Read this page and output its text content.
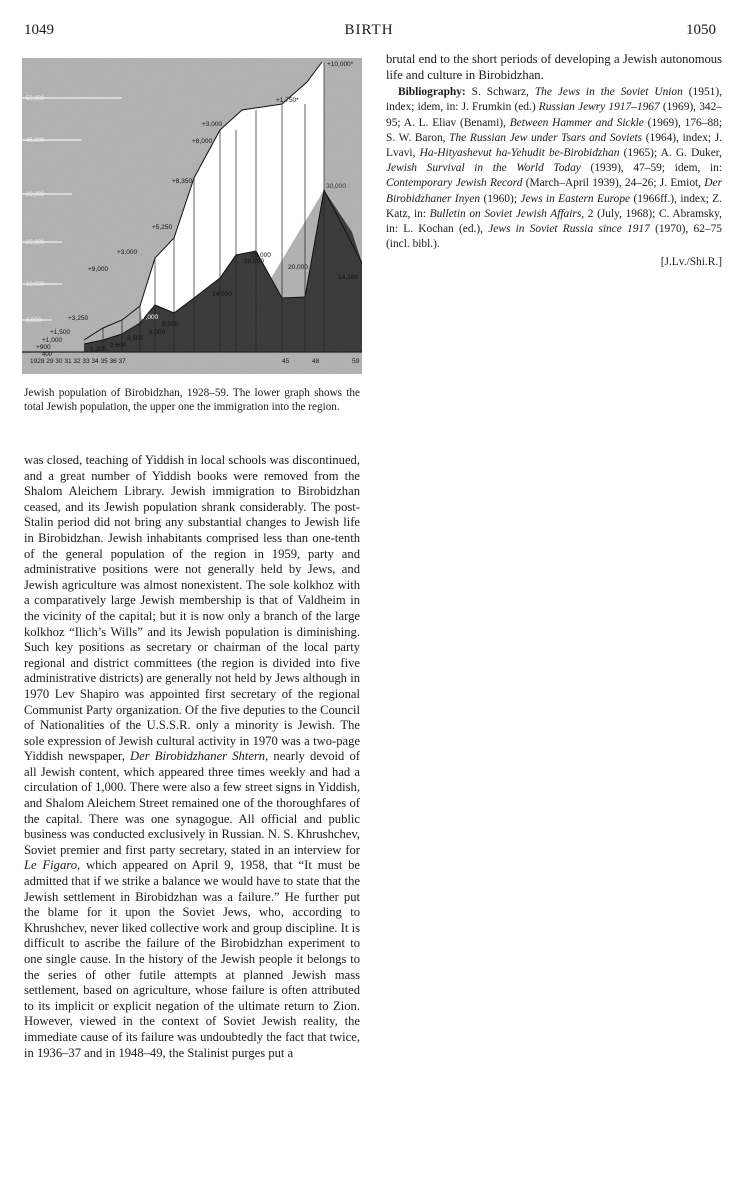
1049	BIRTH	1050
50,000
45,000
30,000
20,000
10,000
6,000
+10,000*
+1,750*
+3,000
+8,000
+8,350
+5,250
+3,000
+9,000
+3,250
+1,500
+1,000
+900
400
7,000
8,500
6,000
3,500
2,600
1,200
14,000
18,000
19,000
20,000
30,000
14,269
1928 29 30 31 32 33 34 35 36 37	45	48	59
Jewish population of Birobidzhan, 1928–59. The lower graph shows the total Jewish population, the upper one the immigration into the region.

was closed, teaching of Yiddish in local schools was discontinued, and a great number of Yiddish books were removed from the Shalom Aleichem Library. Jewish immigration to Birobidzhan ceased, and its Jewish population shrank considerably. The post-Stalin period did not bring any substantial changes to Jewish life in Birobidzhan. Jewish inhabitants comprised less than one-tenth of the general population of the region in 1959, party and administrative positions were not generally held by Jews, and Jewish agriculture was almost nonexistent. The sole kolkhoz with a comparatively large Jewish membership is that of Valdheim in the vicinity of the capital; but it is now only a branch of the large kolkhoz “Ilich’s Wills” and its Jewish population is diminishing. Such key positions as secretary or chairman of the local party regional and district committees (the region is divided into five administrative districts) are generally not held by Jews although in 1970 Lev Shapiro was appointed first secretary of the regional Communist Party organization. Of the five deputies to the Council of Nationalities of the U.S.S.R. only a minority is Jewish. The sole expression of Jewish cultural activity in 1970 was a two-page Yiddish newspaper, Der Birobidzhaner Shtern, nearly devoid of all Jewish content, which appeared three times weekly and had a circulation of 1,000. There were also a few street signs in Yiddish, and Shalom Aleichem Street remained one of the thoroughfares of the capital. There was one synagogue. All official and public business was conducted exclusively in Russian. N. S. Khrushchev, Soviet premier and first party secretary, stated in an interview for Le Figaro, which appeared on April 9, 1958, that “It must be admitted that if we strike a balance we would have to state that the Jewish settlement in Birobidzhan was a failure.” He further put the blame for it upon the Soviet Jews, who, according to Khrushchev, never liked collective work and group discipline. It is difficult to ascribe the failure of the Birobidzhan experiment to one single cause. In the history of the Jewish people it belongs to the series of other futile attempts at planned Jewish mass settlement, based on agriculture, whose failure is often attributed to its implicit or explicit negation of the ultimate return to Zion. However, viewed in the context of Soviet Jewish reality, the immediate cause of its failure was undoubtedly the fact that twice, in 1936–37 and in 1948–49, the Stalinist purges put a

brutal end to the short periods of developing a Jewish autonomous life and culture in Birobidzhan.

Bibliography: S. Schwarz, The Jews in the Soviet Union (1951), index; idem, in: J. Frumkin (ed.) Russian Jewry 1917–1967 (1969), 342–95; A. L. Eliav (Benami), Between Hammer and Sickle (1969), 176–88; S. W. Baron, The Russian Jew under Tsars and Soviets (1964), index; J. Lvavi, Ha-Hityashevut ha-Yehudit be-Birobidzhan (1965); A. G. Duker, Jewish Survival in the World Today (1939), 47–59; idem, in: Contemporary Jewish Record (March–April 1939), 24–26; J. Emiot, Der Birobidzhaner Inyen (1960); Jews in Eastern Europe (1966ff.), index; Z. Katz, in: Bulletin on Soviet Jewish Affairs, 2 (July, 1968); C. Abramsky, in: L. Kochan (ed.), Jews in Soviet Russia since 1917 (1970), 62–75 (incl. bibl.).

[J.Lv./Shi.R.]
